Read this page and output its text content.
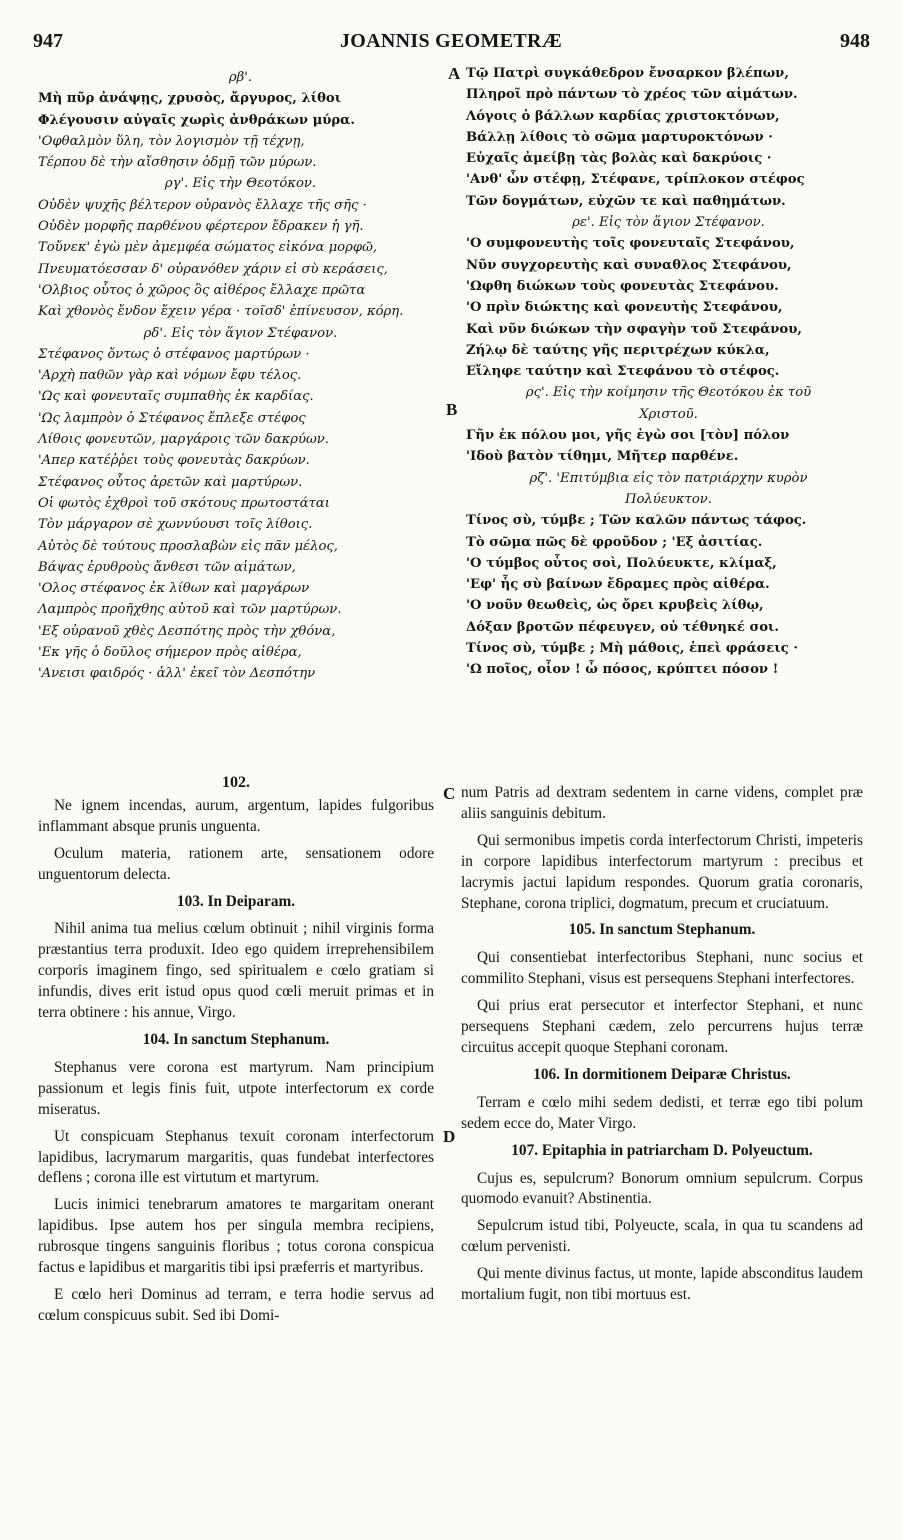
947	JOANNIS GEOMETRÆ	948
ρβ'.
Μὴ πῦρ ἀνάψῃς, χρυσὸς, ἄργυρος, λίθοι
Φλέγουσιν αὐγαῖς χωρὶς ἀνθράκων μύρα.
'Οφθαλμὸν ὕλη, τὸν λογισμὸν τῇ τέχνῃ,
Τέρπου δὲ τὴν αἴσθησιν ὀδμῇ τῶν μύρων.
ργ'. Εἰς τὴν Θεοτόκον.
Οὐδὲν ψυχῆς βέλτερον οὐρανὸς ἔλλαχε τῆς σῆς ·
Οὐδὲν μορφῆς παρθένου φέρτερον ἔδρακεν ἡ γῆ.
Τοὔνεκ' ἐγὼ μὲν ἀμεμφέα σώματος εἰκόνα μορφῶ,
Πνευματόεσσαν δ' οὐρανόθεν χάριν εἰ σὺ κεράσεις,
'Ολβιος οὗτος ὁ χῶρος ὃς αἰθέρος ἔλλαχε πρῶτα
Καὶ χθονὸς ἔνδον ἔχειν γέρα · τοῖσδ' ἐπίνευσον, κόρη.
ρδ'. Εἰς τὸν ἅγιον Στέφανον.
Στέφανος ὄντως ὁ στέφανος μαρτύρων ·
'Αρχὴ παθῶν γὰρ καὶ νόμων ἔφυ τέλος.
'Ως καὶ φονευταῖς συμπαθὴς ἐκ καρδίας.
'Ως λαμπρὸν ὁ Στέφανος ἔπλεξε στέφος
Λίθοις φονευτῶν, μαργάροις τῶν δακρύων.
'Απερ κατέῤῥει τοὺς φονευτὰς δακρύων.
Στέφανος οὗτος ἀρετῶν καὶ μαρτύρων.
Οἱ φωτὸς ἐχθροὶ τοῦ σκότους πρωτοστάται
Τὸν μάργαρον σὲ χωννύουσι τοῖς λίθοις.
Αὐτὸς δὲ τούτους προσλαβὼν εἰς πᾶν μέλος,
Βάψας ἐρυθροὺς ἄνθεσι τῶν αἱμάτων,
'Ολος στέφανος ἐκ λίθων καὶ μαργάρων
Λαμπρὸς προῆχθης αὐτοῦ καὶ τῶν μαρτύρων.
'Εξ οὐρανοῦ χθὲς Δεσπότης πρὸς τὴν χθόνα,
'Εκ γῆς ὁ δοῦλος σήμερον πρὸς αἰθέρα,
'Ανεισι φαιδρός · ἀλλ' ἐκεῖ τὸν Δεσπότην
Τῷ Πατρὶ συγκάθεδρον ἔνσαρκον βλέπων,
Πληροῖ πρὸ πάντων τὸ χρέος τῶν αἱμάτων.
Λόγοις ὁ βάλλων καρδίας χριστοκτόνων,
Βάλλῃ λίθοις τὸ σῶμα μαρτυροκτόνων ·
Εὐχαῖς ἀμείβῃ τὰς βολὰς καὶ δακρύοις ·
'Ανθ' ὧν στέφῃ, Στέφανε, τρίπλοκον στέφος
Τῶν δογμάτων, εὐχῶν τε καὶ παθημάτων.
ρε'. Εἰς τὸν ἅγιον Στέφανον.
'Ο συμφονευτὴς τοῖς φονευταῖς Στεφάνου,
Νῦν συγχορευτὴς καὶ συναθλος Στεφάνου,
'Ωφθη διώκων τοὺς φονευτὰς Στεφάνου.
'Ο πρὶν διώκτης καὶ φονευτὴς Στεφάνου,
Καὶ νῦν διώκων τὴν σφαγὴν τοῦ Στεφάνου,
Ζήλῳ δὲ ταύτης γῆς περιτρέχων κύκλα,
Εἴληφε ταύτην καὶ Στεφάνου τὸ στέφος.
ρς'. Εἰς τὴν κοίμησιν τῆς Θεοτόκου ἐκ τοῦ
Χριστοῦ.
Γῆν ἐκ πόλου μοι, γῆς ἐγὼ σοι [τὸν] πόλον
'Ιδοὺ βατὸν τίθημι, Μῆτερ παρθένε.
ρζ'. 'Επιτύμβια εἰς τὸν πατριάρχην κυρὸν
Πολύευκτον.
Τίνος σὺ, τύμβε ; Τῶν καλῶν πάντως τάφος.
Τὸ σῶμα πῶς δὲ φροῦδον ; 'Εξ ἀσιτίας.
'Ο τύμβος οὗτος σοὶ, Πολύευκτε, κλίμαξ,
'Εφ' ἧς σὺ βαίνων ἔδραμες πρὸς αἰθέρα.
'Ο νοῦν θεωθεὶς, ὡς ὄρει κρυβεὶς λίθῳ,
Δόξαν βροτῶν πέφευγεν, οὐ τέθνηκέ σοι.
Τίνος σὺ, τύμβε ; Μὴ μάθοις, ἐπεὶ φράσεις ·
'Ω ποῖος, οἷον ! ὦ πόσος, κρύπτει πόσον !
A
B
C
D

102.

Ne ignem incendas, aurum, argentum, lapides fulgoribus inflammant absque prunis unguenta.

Oculum materia, rationem arte, sensationem odore unguentorum delecta.

103. In Deiparam.

Nihil anima tua melius cœlum obtinuit ; nihil virginis forma præstantius terra produxit. Ideo ego quidem irreprehensibilem corporis imaginem fingo, sed spiritualem e cœlo gratiam si infundis, dives erit istud opus quod cœli meruit primas et in terra obtinere : his annue, Virgo.

104. In sanctum Stephanum.

Stephanus vere corona est martyrum. Nam principium passionum et legis finis fuit, utpote interfectorum ex corde miseratus.

Ut conspicuam Stephanus texuit coronam interfectorum lapidibus, lacrymarum margaritis, quas fundebat interfectores deflens ; corona ille est virtutum et martyrum.

Lucis inimici tenebrarum amatores te margaritam onerant lapidibus. Ipse autem hos per singula membra recipiens, rubrosque tingens sanguinis floribus ; totus corona conspicua factus e lapidibus et margaritis tibi ipsi præferris et martyribus.

E cœlo heri Dominus ad terram, e terra hodie servus ad cœlum conspicuus subit. Sed ibi Domi-

num Patris ad dextram sedentem in carne videns, complet præ aliis sanguinis debitum.

Qui sermonibus impetis corda interfectorum Christi, impeteris in corpore lapidibus interfectorum martyrum : precibus et lacrymis jactui lapidum respondes. Quorum gratia coronaris, Stephane, corona triplici, dogmatum, precum et cruciatuum.

105. In sanctum Stephanum.

Qui consentiebat interfectoribus Stephani, nunc socius et commilito Stephani, visus est persequens Stephani interfectores.

Qui prius erat persecutor et interfector Stephani, et nunc persequens Stephani cædem, zelo percurrens hujus terræ circuitus accepit quoque Stephani coronam.

106. In dormitionem Deiparæ Christus.

Terram e cœlo mihi sedem dedisti, et terræ ego tibi polum sedem ecce do, Mater Virgo.

107. Epitaphia in patriarcham D. Polyeuctum.

Cujus es, sepulcrum? Bonorum omnium sepulcrum. Corpus quomodo evanuit? Abstinentia.

Sepulcrum istud tibi, Polyeucte, scala, in qua tu scandens ad cœlum pervenisti.

Qui mente divinus factus, ut monte, lapide absconditus laudem mortalium fugit, non tibi mortuus est.
